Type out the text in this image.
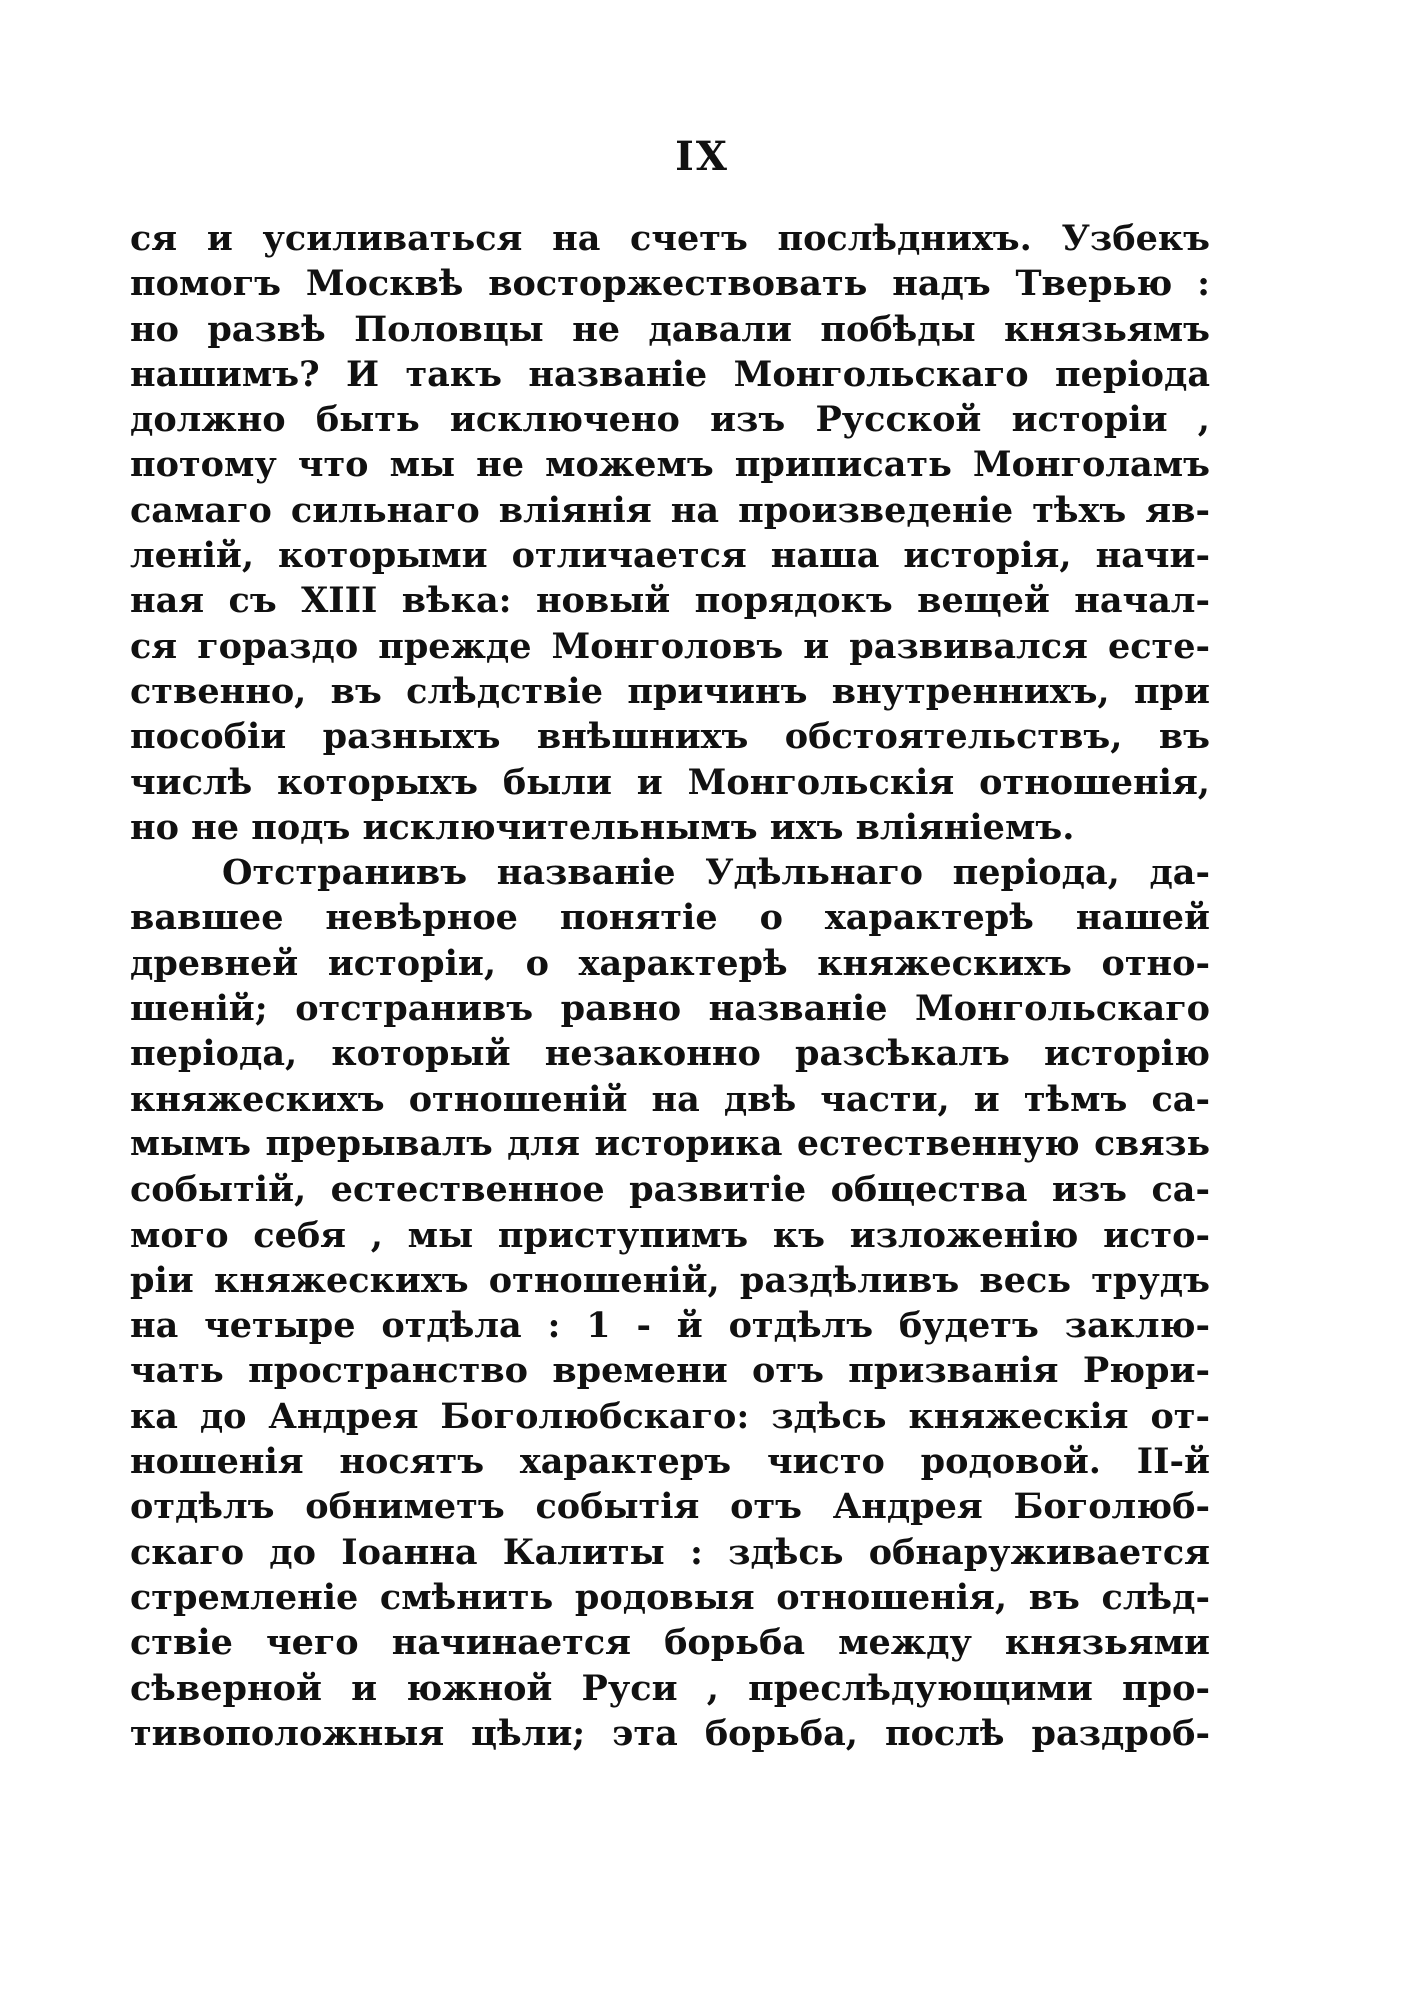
IX
ся и усиливаться на счетъ послѣднихъ. Узбекъ
помогъ Москвѣ восторжествовать надъ Тверью :
но развѣ Половцы не давали побѣды князьямъ
нашимъ? И такъ названіе Монгольскаго періода
должно быть исключено изъ Русской исторіи ,
потому что мы не можемъ приписать Монголамъ
самаго сильнаго вліянія на произведеніе тѣхъ яв-
леній, которыми отличается наша исторія, начи-
ная съ XIII вѣка: новый порядокъ вещей начал-
ся гораздо прежде Монголовъ и развивался есте-
ственно, въ слѣдствіе причинъ внутреннихъ, при
пособіи разныхъ внѣшнихъ обстоятельствъ, въ
числѣ которыхъ были и Монгольскія отношенія,
но не подъ исключительнымъ ихъ вліяніемъ.
Отстранивъ названіе Удѣльнаго періода, да-
вавшее невѣрное понятіе о характерѣ нашей
древней исторіи, о характерѣ княжескихъ отно-
шеній; отстранивъ равно названіе Монгольскаго
періода, который незаконно разсѣкалъ исторію
княжескихъ отношеній на двѣ части, и тѣмъ са-
мымъ прерывалъ для историка естественную связь
событій, естественное развитіе общества изъ са-
мого себя , мы приступимъ къ изложенію исто-
ріи княжескихъ отношеній, раздѣливъ весь трудъ
на четыре отдѣла : 1 - й отдѣлъ будетъ заклю-
чать пространство времени отъ призванія Рюри-
ка до Андрея Боголюбскаго: здѣсь княжескія от-
ношенія носятъ характеръ чисто родовой. II-й
отдѣлъ обниметъ событія отъ Андрея Боголюб-
скаго до Іоанна Калиты : здѣсь обнаруживается
стремленіе смѣнить родовыя отношенія, въ слѣд-
ствіе чего начинается борьба между князьями
сѣверной и южной Руси , преслѣдующими про-
тивоположныя цѣли; эта борьба, послѣ раздроб-
